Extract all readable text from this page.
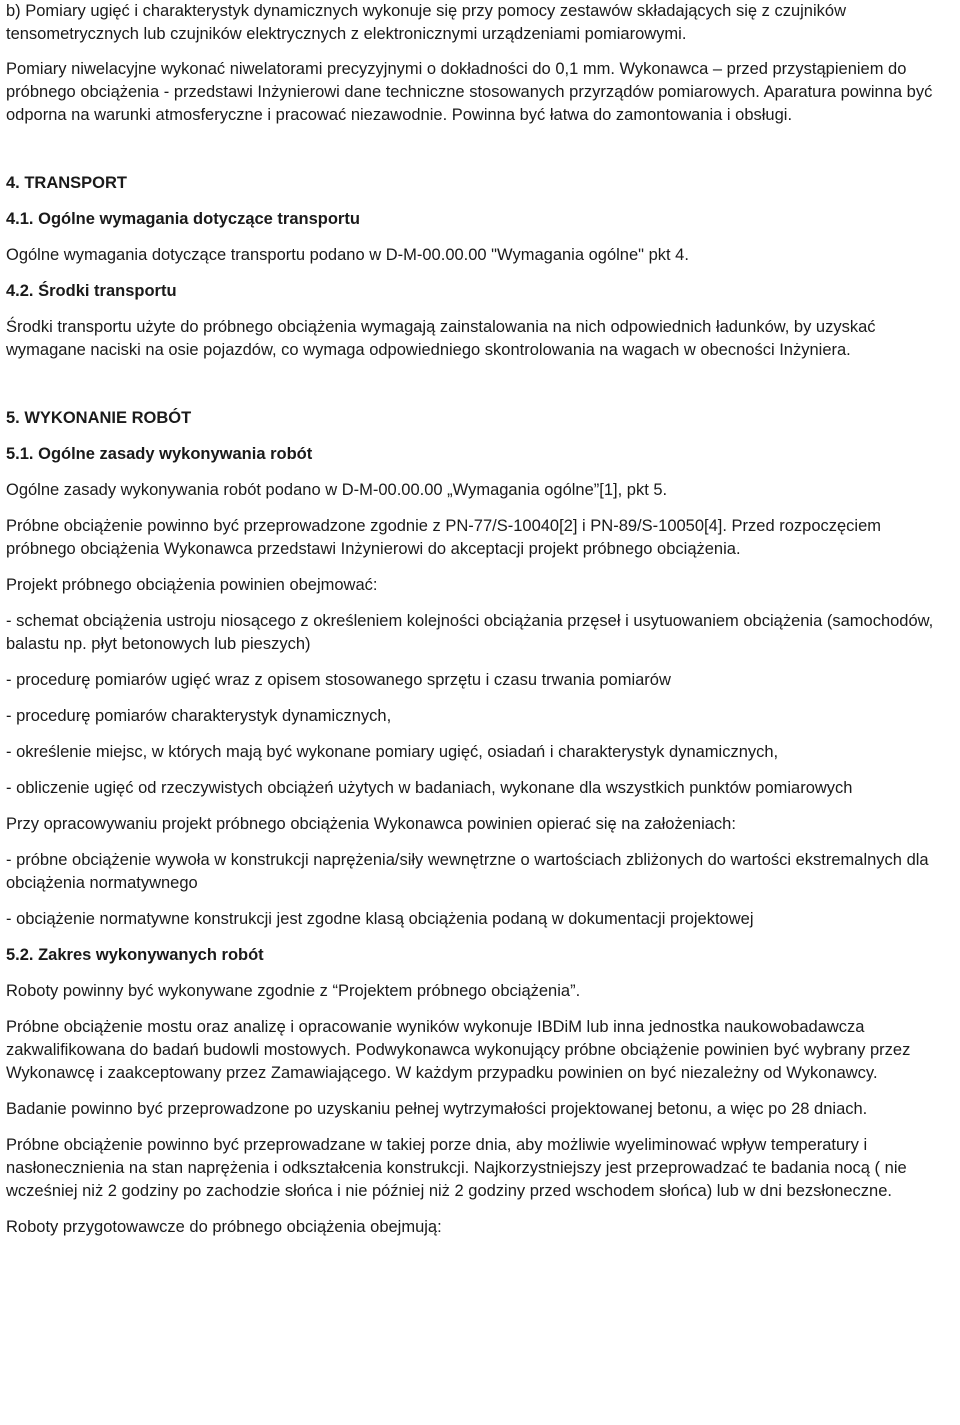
b) Pomiary ugięć i charakterystyk dynamicznych wykonuje się przy pomocy zestawów składających się z czujników tensometrycznych lub czujników elektrycznych z elektronicznymi urządzeniami pomiarowymi.

Pomiary niwelacyjne wykonać niwelatorami precyzyjnymi o dokładności do 0,1 mm. Wykonawca – przed przystąpieniem do próbnego obciążenia - przedstawi Inżynierowi dane techniczne stosowanych przyrządów pomiarowych. Aparatura powinna być odporna na warunki atmosferyczne i pracować niezawodnie. Powinna być łatwa do zamontowania i obsługi.

4. TRANSPORT
4.1. Ogólne wymagania dotyczące transportu

Ogólne wymagania dotyczące transportu podano w D-M-00.00.00 "Wymagania ogólne" pkt 4.

4.2. Środki transportu

Środki transportu użyte do próbnego obciążenia wymagają zainstalowania na nich odpowiednich ładunków, by uzyskać wymagane naciski na osie pojazdów, co wymaga odpowiedniego skontrolowania na wagach w obecności Inżyniera.

5. WYKONANIE ROBÓT
5.1. Ogólne zasady wykonywania robót

Ogólne zasady wykonywania robót podano w D-M-00.00.00 „Wymagania ogólne”[1], pkt 5.

Próbne obciążenie powinno być przeprowadzone zgodnie z PN-77/S-10040[2] i PN-89/S-10050[4]. Przed rozpoczęciem próbnego obciążenia Wykonawca przedstawi Inżynierowi do akceptacji projekt próbnego obciążenia.

Projekt próbnego obciążenia powinien obejmować:

- schemat obciążenia ustroju niosącego z określeniem kolejności obciążania przęseł i usytuowaniem obciążenia (samochodów, balastu np. płyt betonowych lub pieszych)

- procedurę pomiarów ugięć wraz z opisem stosowanego sprzętu i czasu trwania pomiarów

- procedurę pomiarów charakterystyk dynamicznych,

- określenie miejsc, w których mają być wykonane pomiary ugięć, osiadań i charakterystyk dynamicznych,

- obliczenie ugięć od rzeczywistych obciążeń użytych w badaniach, wykonane dla wszystkich punktów pomiarowych

Przy opracowywaniu projekt próbnego obciążenia Wykonawca powinien opierać się na założeniach:

- próbne obciążenie wywoła w konstrukcji naprężenia/siły wewnętrzne o wartościach zbliżonych do wartości ekstremalnych dla obciążenia normatywnego

- obciążenie normatywne konstrukcji jest zgodne klasą obciążenia podaną w dokumentacji projektowej

5.2. Zakres wykonywanych robót

Roboty powinny być wykonywane zgodnie z “Projektem próbnego obciążenia”.

Próbne obciążenie mostu oraz analizę i opracowanie wyników wykonuje IBDiM lub inna jednostka naukowobadawcza zakwalifikowana do badań budowli mostowych. Podwykonawca wykonujący próbne obciążenie powinien być wybrany przez Wykonawcę i zaakceptowany przez Zamawiającego. W każdym przypadku powinien on być niezależny od Wykonawcy.

Badanie powinno być przeprowadzone po uzyskaniu pełnej wytrzymałości projektowanej betonu, a więc po 28 dniach.

Próbne obciążenie powinno być przeprowadzane w takiej porze dnia, aby możliwie wyeliminować wpływ temperatury i nasłonecznienia na stan naprężenia i odkształcenia konstrukcji. Najkorzystniejszy jest przeprowadzać te badania nocą ( nie wcześniej niż 2 godziny po zachodzie słońca i nie później niż 2 godziny przed wschodem słońca) lub w dni bezsłoneczne.

Roboty przygotowawcze do próbnego obciążenia obejmują:
